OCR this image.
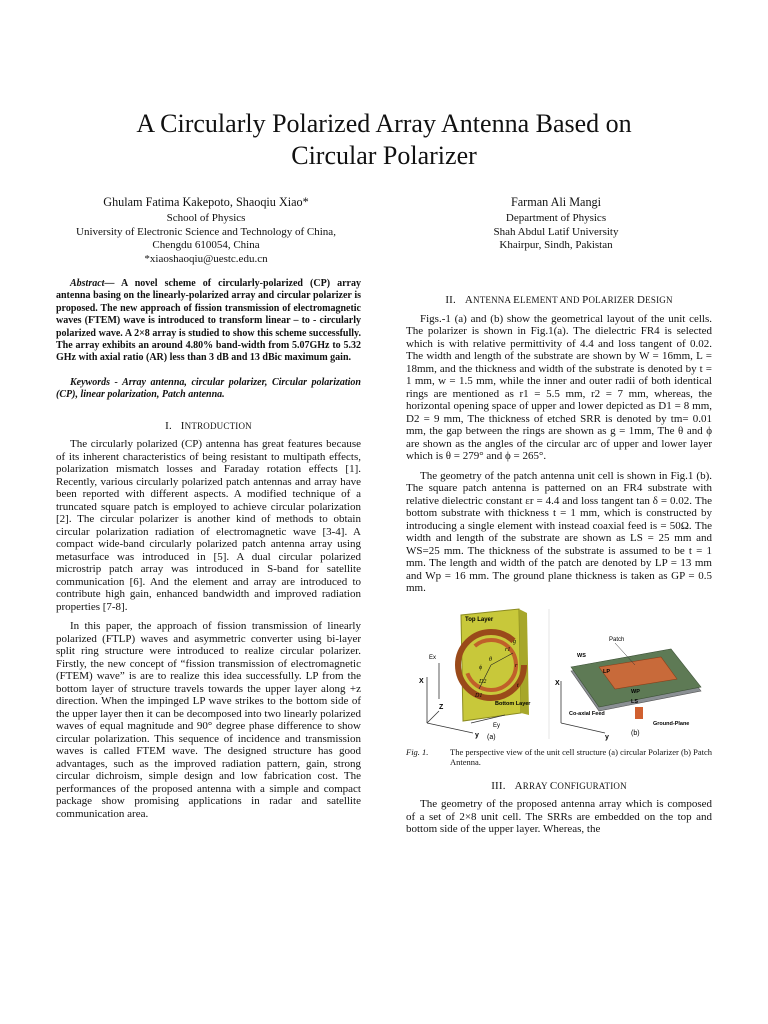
A Circularly Polarized Array Antenna Based on
Circular Polarizer
Ghulam Fatima Kakepoto, Shaoqiu Xiao*
School of Physics
University of Electronic Science and Technology of China,
Chengdu 610054, China
*xiaoshaoqiu@uestc.edu.cn
Farman Ali Mangi
Department of Physics
Shah Abdul Latif University
Khairpur, Sindh, Pakistan
Abstract— A novel scheme of circularly-polarized (CP) array antenna basing on the linearly-polarized array and circular polarizer is proposed. The new approach of fission transmission of electromagnetic waves (FTEM) wave is introduced to transform linear – to - circularly polarized wave. A 2×8 array is studied to show this scheme successfully. The array exhibits an around 4.80% band-width from 5.07GHz to 5.32 GHz with axial ratio (AR) less than 3 dB and 13 dBic maximum gain.
Keywords - Array antenna, circular polarizer, Circular polarization (CP), linear polarization, Patch antenna.
I. INTRODUCTION

The circularly polarized (CP) antenna has great features because of its inherent characteristics of being resistant to multipath effects, polarization mismatch losses and Faraday rotation effects [1]. Recently, various circularly polarized patch antennas and array have been reported with different aspects. A modified technique of a truncated square patch is employed to achieve circular polarization [2]. The circular polarizer is another kind of methods to obtain circular polarization radiation of electromagnetic wave [3-4]. A compact wide-band circularly polarized patch antenna array using metasurface was introduced in [5]. A dual circular polarized microstrip patch array was introduced in S-band for satellite communication [6]. And the element and array are introduced to contribute high gain, enhanced bandwidth and improved radiation properties [7-8].

In this paper, the approach of fission transmission of linearly polarized (FTLP) waves and asymmetric converter using bi-layer split ring structure were introduced to realize circular polarizer. Firstly, the new concept of “fission transmission of electromagnetic (FTEM) wave” is are to realize this idea successfully. LP from the bottom layer of structure travels towards the upper layer along +z direction. When the impinged LP wave strikes to the bottom side of the upper layer then it can be decomposed into two linearly polarized waves of equal magnitude and 90° degree phase difference to show circular polarization. This sequence of incidence and transmission waves is called FTEM wave. The designed structure has good advantages, such as the improved radiation pattern, gain, strong circular dichroism, simple design and low fabrication cost. The performances of the proposed antenna with a simple and compact package show promising applications in radar and satellite communication area.

II. ANTENNA ELEMENT AND POLARIZER DESIGN

Figs.-1 (a) and (b) show the geometrical layout of the unit cells. The polarizer is shown in Fig.1(a). The dielectric FR4 is selected which is with relative permittivity of 4.4 and loss tangent of 0.02. The width and length of the substrate are shown by W = 16mm, L = 18mm, and the thickness and width of the substrate is denoted by t = 1 mm, w = 1.5 mm, while the inner and outer radii of both identical rings are mentioned as r1 = 5.5 mm, r2 = 7 mm, whereas, the horizontal opening space of upper and lower depicted as D1 = 8 mm, D2 = 9 mm, The thickness of etched SRR is denoted by tm= 0.01 mm, the gap between the rings are shown as g = 1mm, The θ and ϕ are shown as the angles of the circular arc of upper and lower layer which is θ = 279° and ϕ = 265°.

The geometry of the patch antenna unit cell is shown in Fig.1 (b). The square patch antenna is patterned on an FR4 substrate with relative dielectric constant εr = 4.4 and loss tangent tan δ = 0.02. The bottom substrate with thickness t = 1 mm, which is constructed by introducing a single element with instead coaxial feed is = 50Ω. The width and length of the substrate are shown as LS = 25 mm and WS=25 mm. The thickness of the substrate is assumed to be t = 1 mm. The length and width of the patch are denoted by LP = 13 mm and Wp = 16 mm. The ground plane thickness is taken as GP = 0.5 mm.

Top Layer
Bottom Layer
Ex
Ey
X
y
Z
θ
ϕ
r1
r
D2
D1
t
g
(a)
Patch
WS
LP
WP
LS
Co-axial Feed
Ground-Plane
X
y
(b)
Fig. 1.	The perspective view of the unit cell structure (a) circular Polarizer (b) Patch Antenna.
III. ARRAY CONFIGURATION

The geometry of the proposed antenna array which is composed of a set of 2×8 unit cell. The SRRs are embedded on the top and bottom side of the upper layer. Whereas, the
